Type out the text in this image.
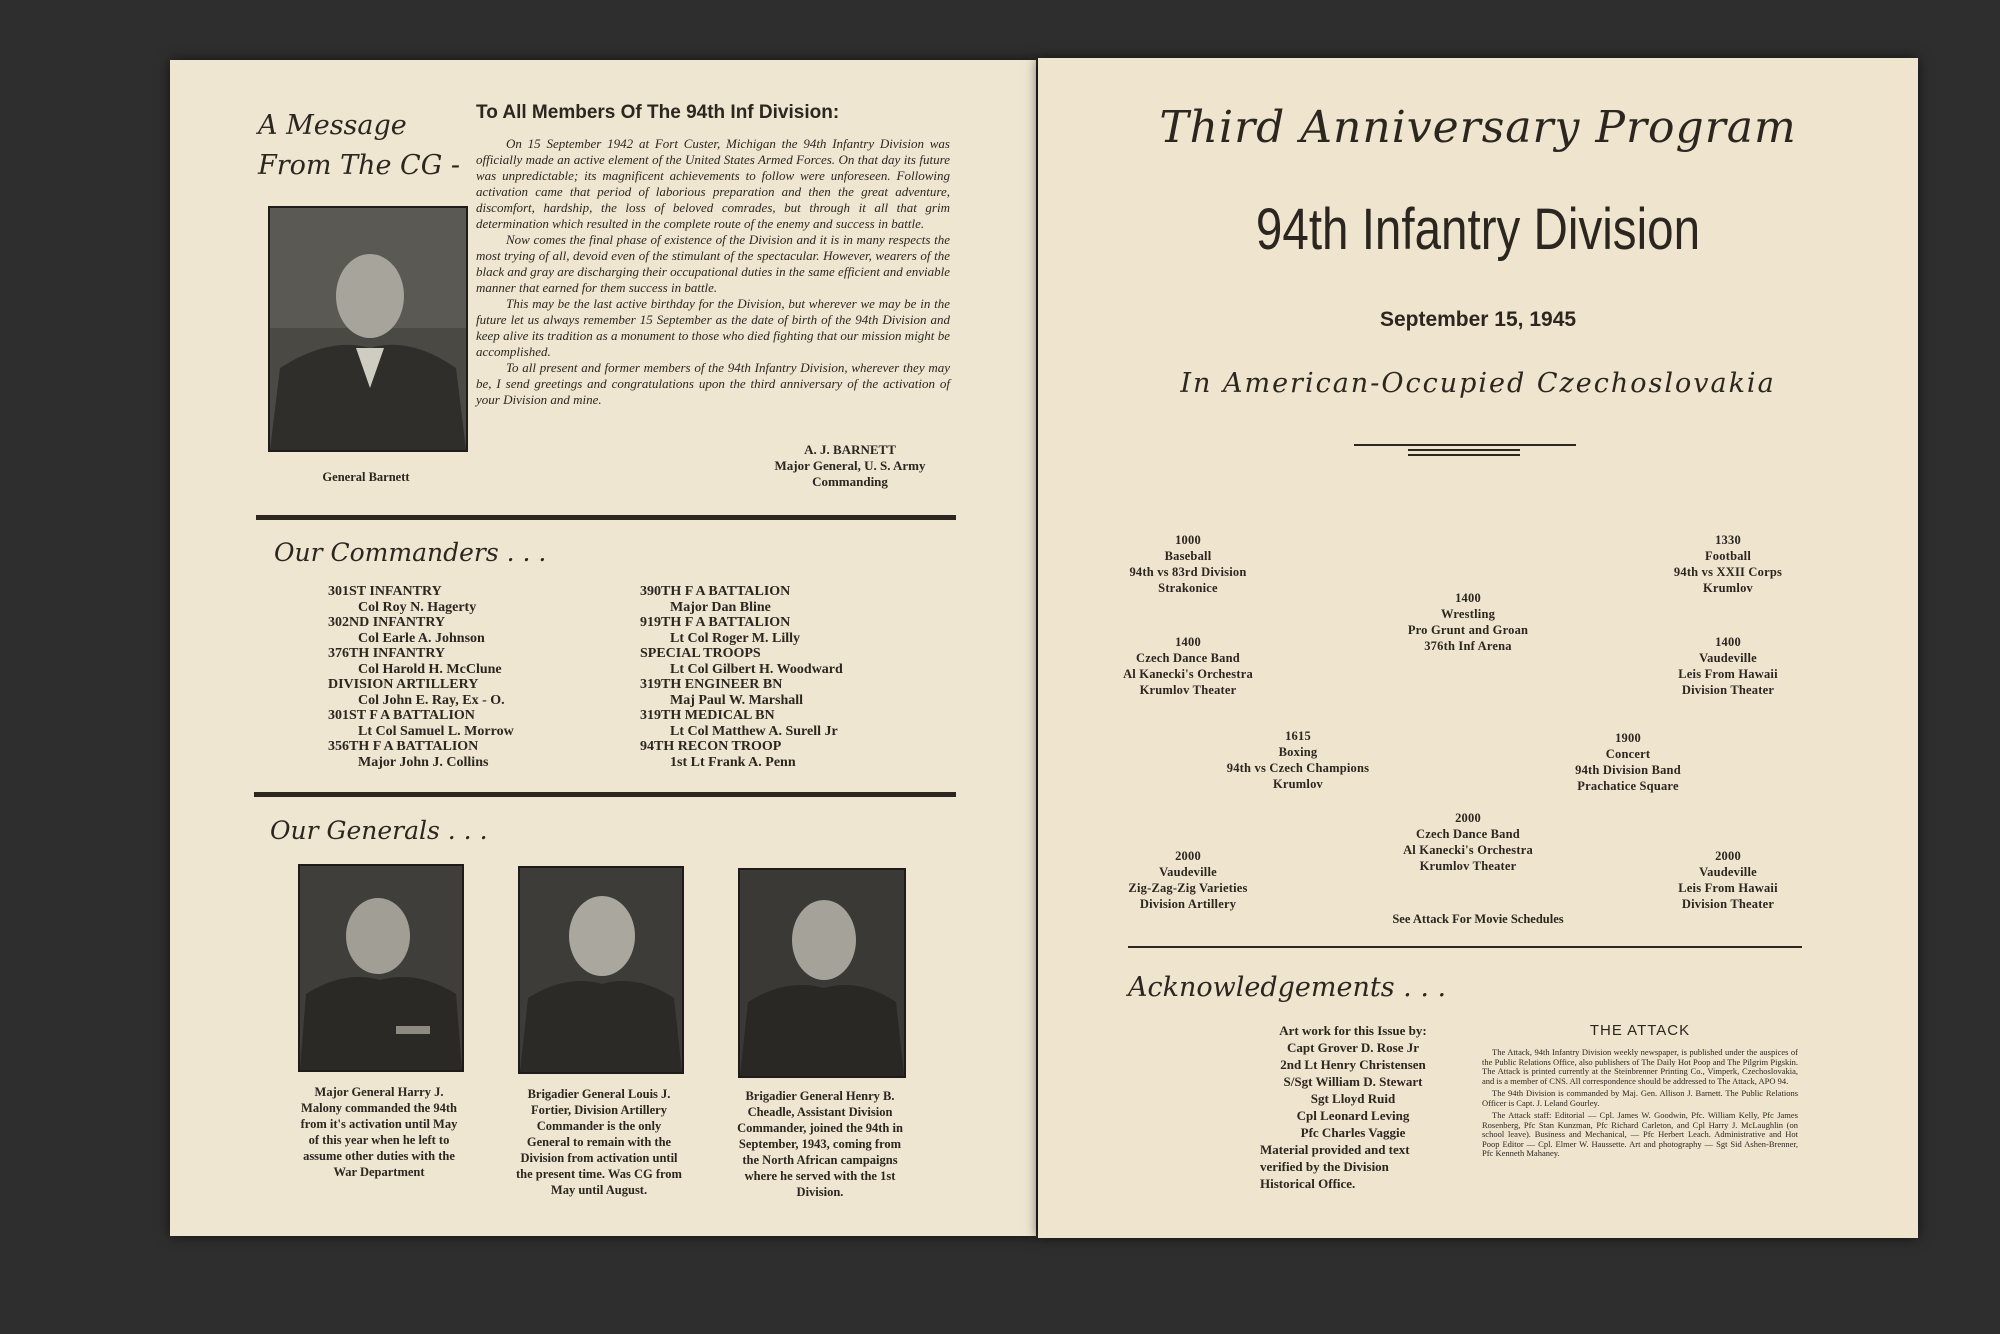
A Message
From The CG -
General Barnett
To All Members Of The 94th Inf Division:

On 15 September 1942 at Fort Custer, Michigan the 94th Infantry Division was officially made an active element of the United States Armed Forces. On that day its future was unpredictable; its magnificent achievements to follow were unforeseen. Following activation came that period of laborious preparation and then the great adventure, discomfort, hardship, the loss of beloved comrades, but through it all that grim determination which resulted in the complete route of the enemy and success in battle.

Now comes the final phase of existence of the Division and it is in many respects the most trying of all, devoid even of the stimulant of the spectacular. However, wearers of the black and gray are discharging their occupational duties in the same efficient and enviable manner that earned for them success in battle.

This may be the last active birthday for the Division, but wherever we may be in the future let us always remember 15 September as the date of birth of the 94th Division and keep alive its tradition as a monument to those who died fighting that our mission might be accomplished.

To all present and former members of the 94th Infantry Division, wherever they may be, I send greetings and congratulations upon the third anniversary of the activation of your Division and mine.

A. J. BARNETT
Major General, U. S. Army
Commanding
Our Commanders . . .
301ST INFANTRY
Col Roy N. Hagerty
302ND INFANTRY
Col Earle A. Johnson
376TH INFANTRY
Col Harold H. McClune
DIVISION ARTILLERY
Col John E. Ray, Ex - O.
301ST F A BATTALION
Lt Col Samuel L. Morrow
356TH F A BATTALION
Major John J. Collins
390TH F A BATTALION
Major Dan Bline
919TH F A BATTALION
Lt Col Roger M. Lilly
SPECIAL TROOPS
Lt Col Gilbert H. Woodward
319TH ENGINEER BN
Maj Paul W. Marshall
319TH MEDICAL BN
Lt Col Matthew A. Surell Jr
94TH RECON TROOP
1st Lt Frank A. Penn
Our Generals . . .
Major General Harry J. Malony commanded the 94th from it's activation until May of this year when he left to assume other duties with the War Department
Brigadier General Louis J. Fortier, Division Artillery Commander is the only General to remain with the Division from activation until the present time. Was CG from May until August.
Brigadier General Henry B. Cheadle, Assistant Division Commander, joined the 94th in September, 1943, coming from the North African campaigns where he served with the 1st Division.
Third Anniversary Program
94th Infantry Division
September 15, 1945
In American-Occupied Czechoslovakia
1000
Baseball
94th vs 83rd Division
Strakonice
1330
Football
94th vs XXII Corps
Krumlov
1400
Wrestling
Pro Grunt and Groan
376th Inf Arena
1400
Czech Dance Band
Al Kanecki's Orchestra
Krumlov Theater
1400
Vaudeville
Leis From Hawaii
Division Theater
1615
Boxing
94th vs Czech Champions
Krumlov
1900
Concert
94th Division Band
Prachatice Square
2000
Czech Dance Band
Al Kanecki's Orchestra
Krumlov Theater
2000
Vaudeville
Zig-Zag-Zig Varieties
Division Artillery
2000
Vaudeville
Leis From Hawaii
Division Theater
See Attack For Movie Schedules
Acknowledgements . . .
Art work for this Issue by:
Capt Grover D. Rose Jr
2nd Lt Henry Christensen
S/Sgt William D. Stewart
Sgt Lloyd Ruid
Cpl Leonard Leving
Pfc Charles Vaggie
Material provided and text verified by the Division Historical Office.
THE ATTACK

The Attack, 94th Infantry Division weekly newspaper, is published under the auspices of the Public Relations Office, also publishers of The Daily Hot Poop and The Pilgrim Pigskin. The Attack is printed currently at the Steinbrenner Printing Co., Vimperk, Czechoslovakia, and is a member of CNS. All correspondence should be addressed to The Attack, APO 94.

The 94th Division is commanded by Maj. Gen. Allison J. Barnett. The Public Relations Officer is Capt. J. Leland Gourley.

The Attack staff: Editorial — Cpl. James W. Goodwin, Pfc. William Kelly, Pfc James Rosenberg, Pfc Stan Kunzman, Pfc Richard Carleton, and Cpl Harry J. McLaughlin (on school leave). Business and Mechanical, — Pfc Herbert Leach. Administrative and Hot Poop Editor — Cpl. Elmer W. Haussette. Art and photography — Sgt Sid Ashen-Brenner, Pfc Kenneth Mahaney.
